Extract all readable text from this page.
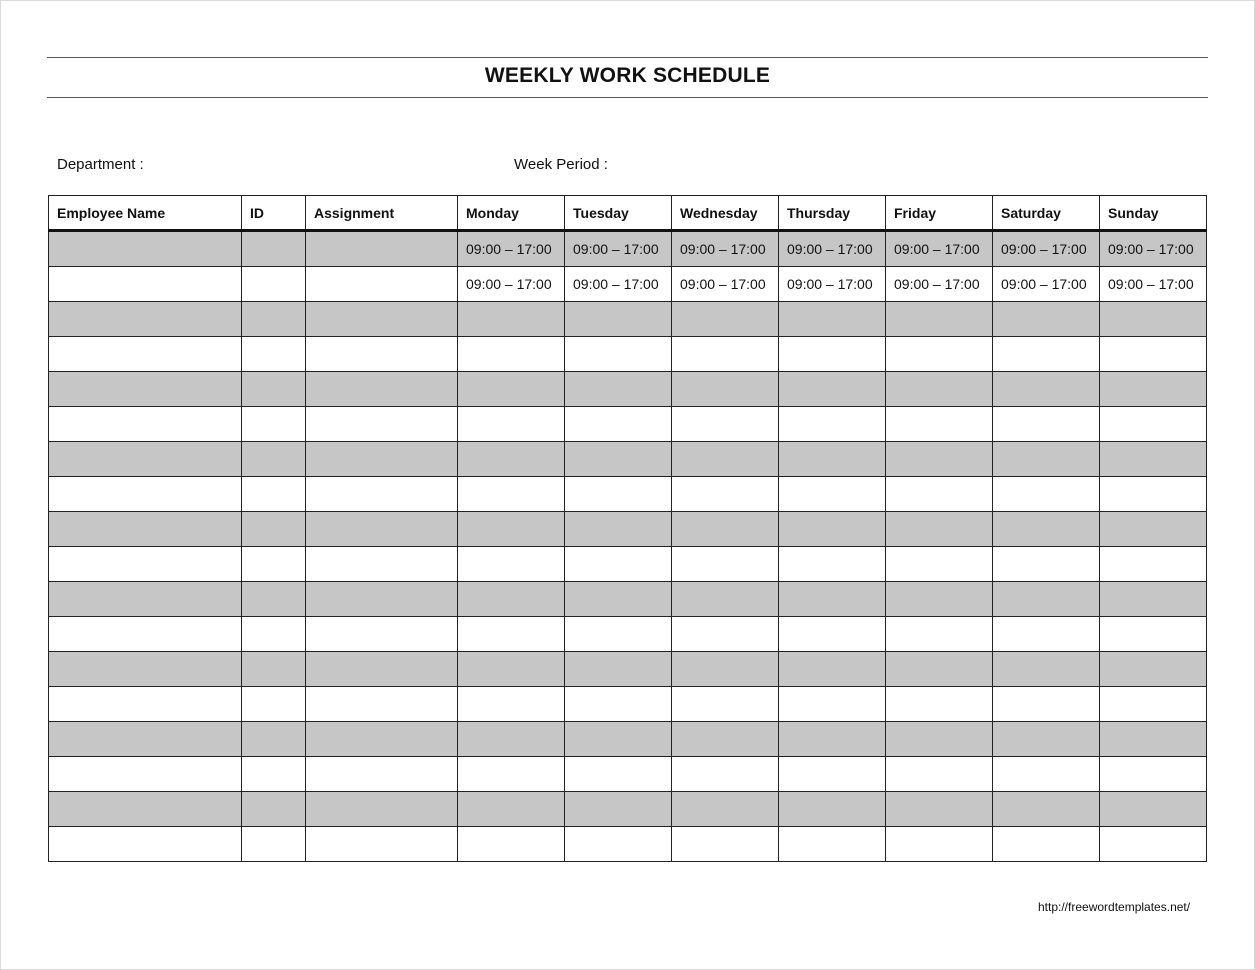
WEEKLY WORK SCHEDULE
Department :	Week Period :
Employee Name	ID	Assignment	Monday	Tuesday	Wednesday	Thursday	Friday	Saturday	Sunday
			09:00 – 17:00	09:00 – 17:00	09:00 – 17:00	09:00 – 17:00	09:00 – 17:00	09:00 – 17:00	09:00 – 17:00
			09:00 – 17:00	09:00 – 17:00	09:00 – 17:00	09:00 – 17:00	09:00 – 17:00	09:00 – 17:00	09:00 – 17:00

http://freewordtemplates.net/
